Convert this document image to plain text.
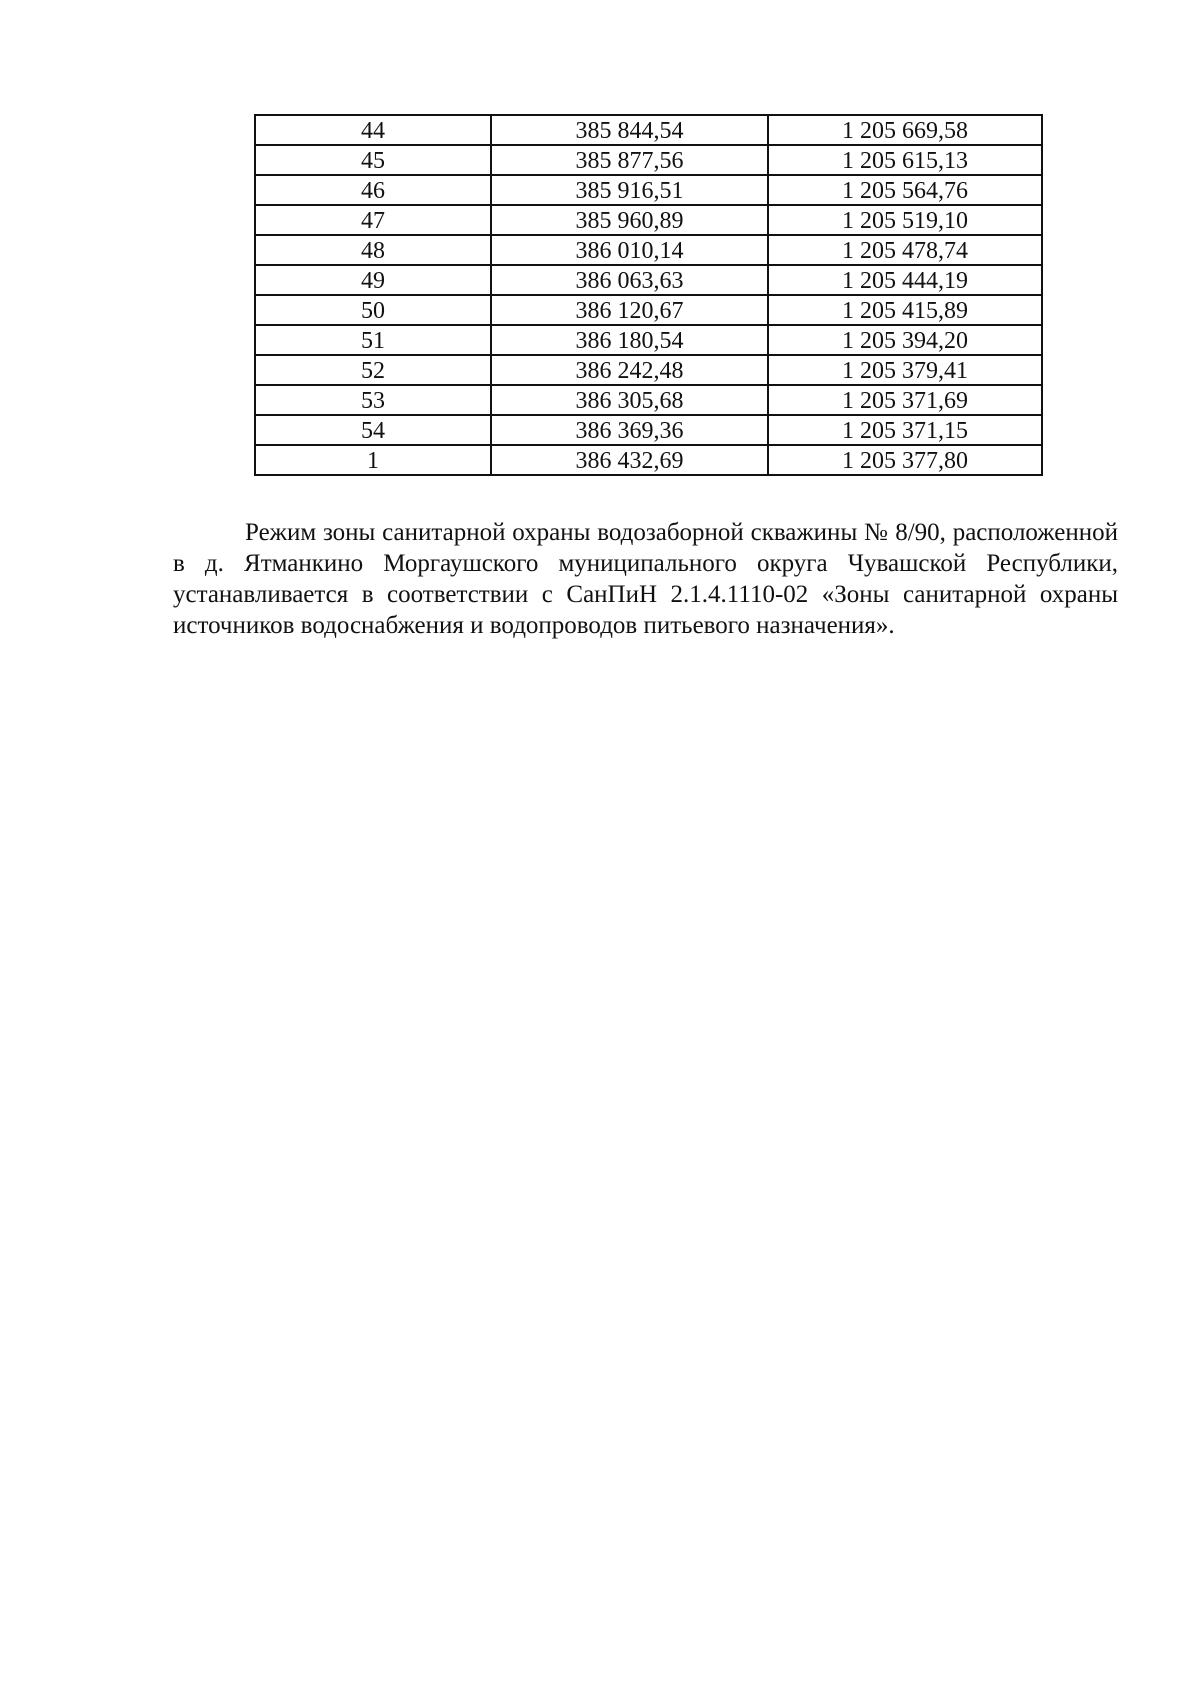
44	385 844,54	1 205 669,58
45	385 877,56	1 205 615,13
46	385 916,51	1 205 564,76
47	385 960,89	1 205 519,10
48	386 010,14	1 205 478,74
49	386 063,63	1 205 444,19
50	386 120,67	1 205 415,89
51	386 180,54	1 205 394,20
52	386 242,48	1 205 379,41
53	386 305,68	1 205 371,69
54	386 369,36	1 205 371,15
1	386 432,69	1 205 377,80

Режим зоны санитарной охраны водозаборной скважины № 8/90, расположенной в д. Ятманкино Моргаушского муниципального округа Чувашской Республики, устанавливается в соответствии с СанПиН 2.1.4.1110-02 «Зоны санитарной охраны источников водоснабжения и водопроводов питьевого назначения».
